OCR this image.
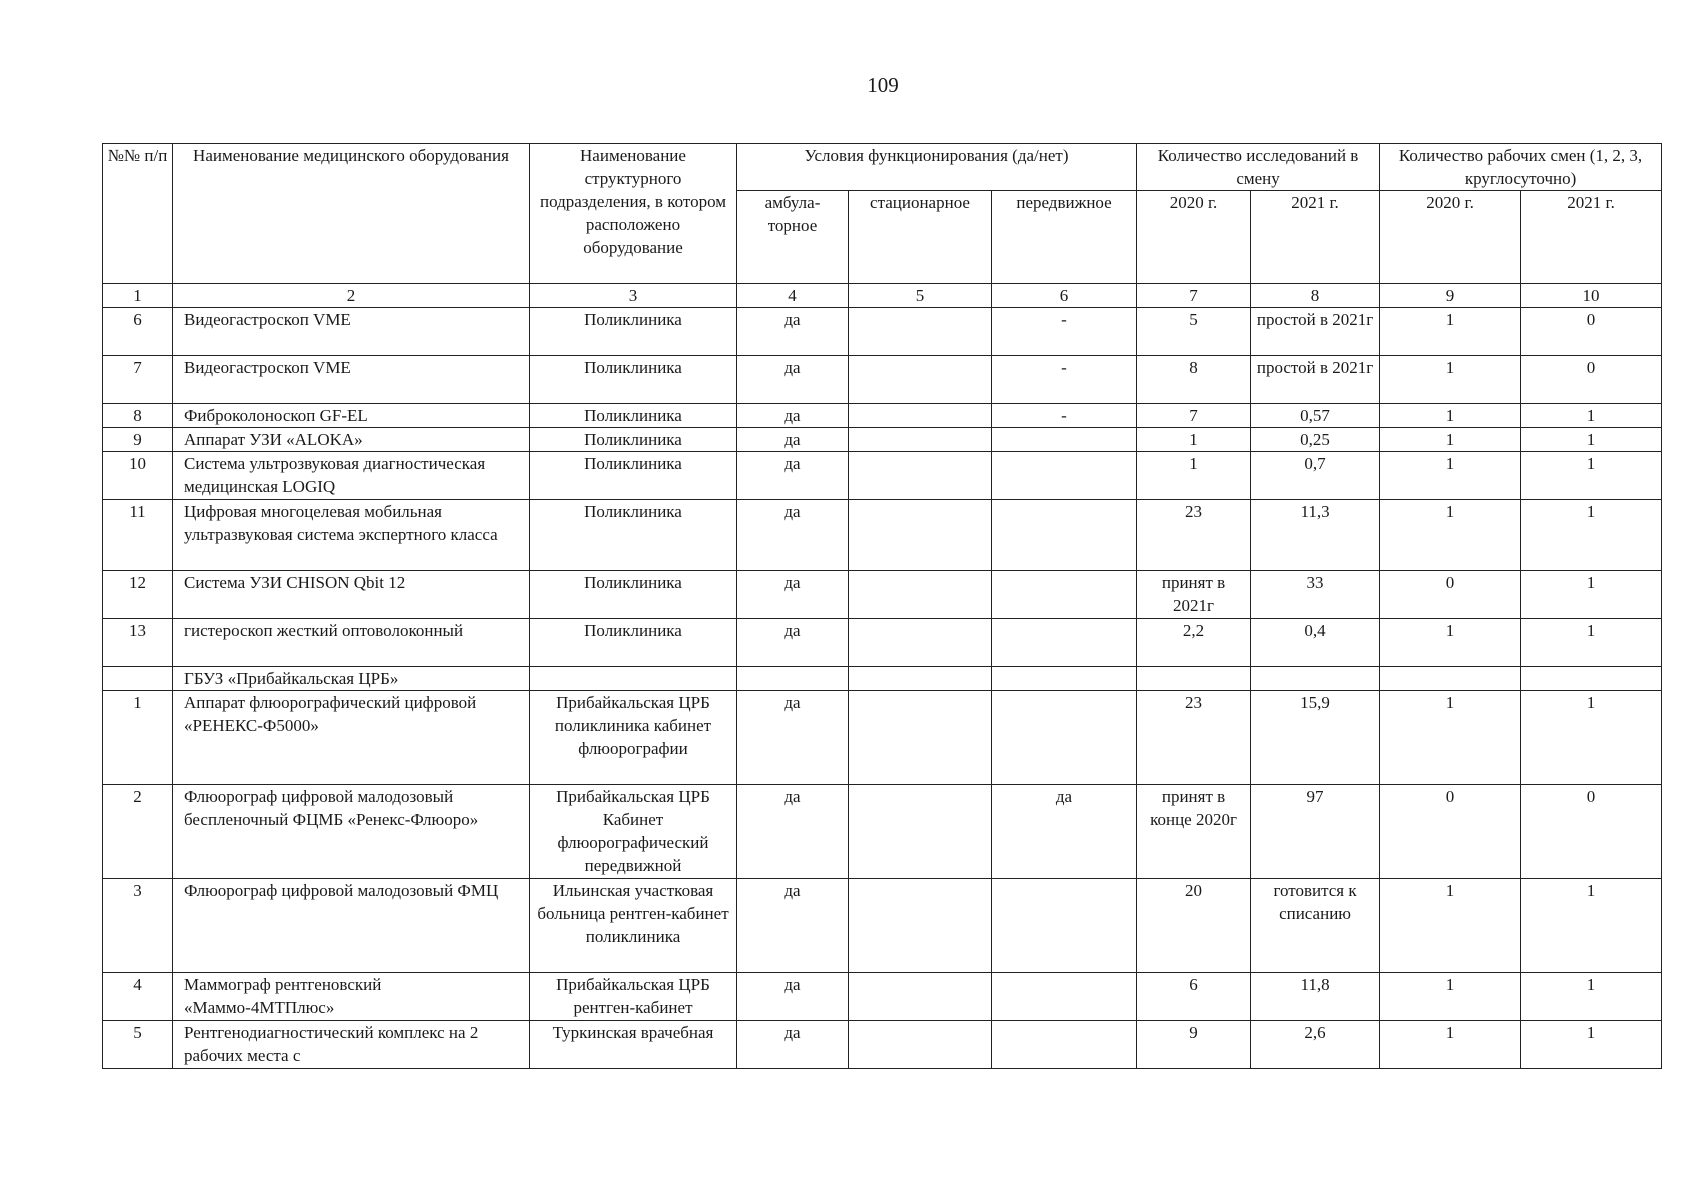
109
№№ п/п	Наименование медицинского оборудования	Наименование структурного подразделения, в котором расположено оборудование	Условия функционирования (да/нет)			Количество исследований в смену		Количество рабочих смен (1, 2, 3, круглосуточно)	
			амбула-торное	стационарное	передвижное	2020 г.	2021 г.	2020 г.	2021 г.
1	2	3	4	5	6	7	8	9	10
6	Видеогастроскоп VME	Поликлиника	да		-	5	простой в 2021г	1	0
7	Видеогастроскоп VME	Поликлиника	да		-	8	простой в 2021г	1	0
8	Фиброколоноскоп GF-EL	Поликлиника	да		-	7	0,57	1	1
9	Аппарат УЗИ «ALOKA»	Поликлиника	да			1	0,25	1	1
10	Система ультрозвуковая диагностическая медицинская LOGIQ	Поликлиника	да			1	0,7	1	1
11	Цифровая многоцелевая мобильная ультразвуковая система экспертного класса	Поликлиника	да			23	11,3	1	1
12	Система УЗИ CHISON Qbit 12	Поликлиника	да			принят в 2021г	33	0	1
13	гистероскоп жесткий оптоволоконный	Поликлиника	да			2,2	0,4	1	1
	ГБУЗ «Прибайкальская ЦРБ»								
1	Аппарат флюорографический цифровой «РЕНЕКС-Ф5000»	Прибайкальская ЦРБ поликлиника кабинет флюорографии	да			23	15,9	1	1
2	Флюорограф цифровой малодозовый беспленочный ФЦМБ «Ренекс-Флюоро»	Прибайкальская ЦРБ Кабинет флюорографический передвижной	да		да	принят в конце 2020г	97	0	0
3	Флюорограф цифровой малодозовый ФМЦ	Ильинская участковая больница рентген-кабинет поликлиника	да			20	готовится к списанию	1	1
4	Маммограф рентгеновский «Маммо-4МТПлюс»	Прибайкальская ЦРБ рентген-кабинет	да			6	11,8	1	1
5	Рентгенодиагностический комплекс на 2 рабочих места с	Туркинская врачебная	да			9	2,6	1	1
